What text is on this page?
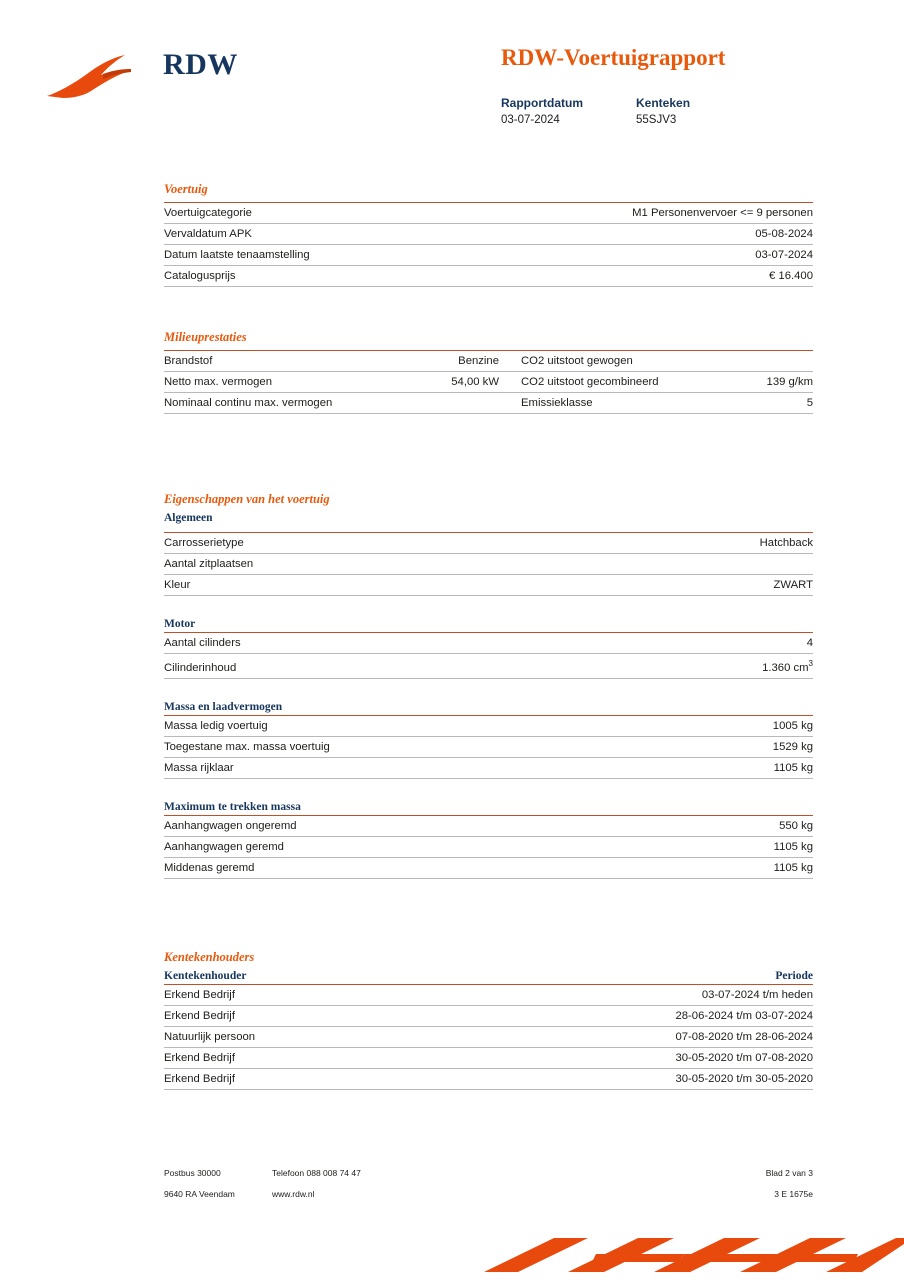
RDW	RDW-Voertuigrapport
Rapportdatum	Kenteken
03-07-2024	55SJV3
Voertuig
Voertuigcategorie	M1 Personenvervoer <= 9 personen
Vervaldatum APK	05-08-2024
Datum laatste tenaamstelling	03-07-2024
Catalogusprijs	€ 16.400
Milieuprestaties
Brandstof	Benzine	CO2 uitstoot gewogen	
Netto max. vermogen	54,00 kW	CO2 uitstoot gecombineerd	139 g/km
Nominaal continu max. vermogen		Emissieklasse	5
Eigenschappen van het voertuig
Algemeen
Carrosserietype	Hatchback
Aantal zitplaatsen	
Kleur	ZWART
Motor
Aantal cilinders	4
Cilinderinhoud	1.360 $cm^3$
Massa en laadvermogen
Massa ledig voertuig	1005 kg
Toegestane max. massa voertuig	1529 kg
Massa rijklaar	1105 kg
Maximum te trekken massa
Aanhangwagen ongeremd	550 kg
Aanhangwagen geremd	1105 kg
Middenas geremd	1105 kg
Kentekenhouders
Kentekenhouder	Periode
Erkend Bedrijf	03-07-2024 t/m heden
Erkend Bedrijf	28-06-2024 t/m 03-07-2024
Natuurlijk persoon	07-08-2020 t/m 28-06-2024
Erkend Bedrijf	30-05-2020 t/m 07-08-2020
Erkend Bedrijf	30-05-2020 t/m 30-05-2020
Postbus 30000	Telefoon 088 008 74 47	Blad 2 van 3
9640 RA Veendam	www.rdw.nl	3 E 1675e
